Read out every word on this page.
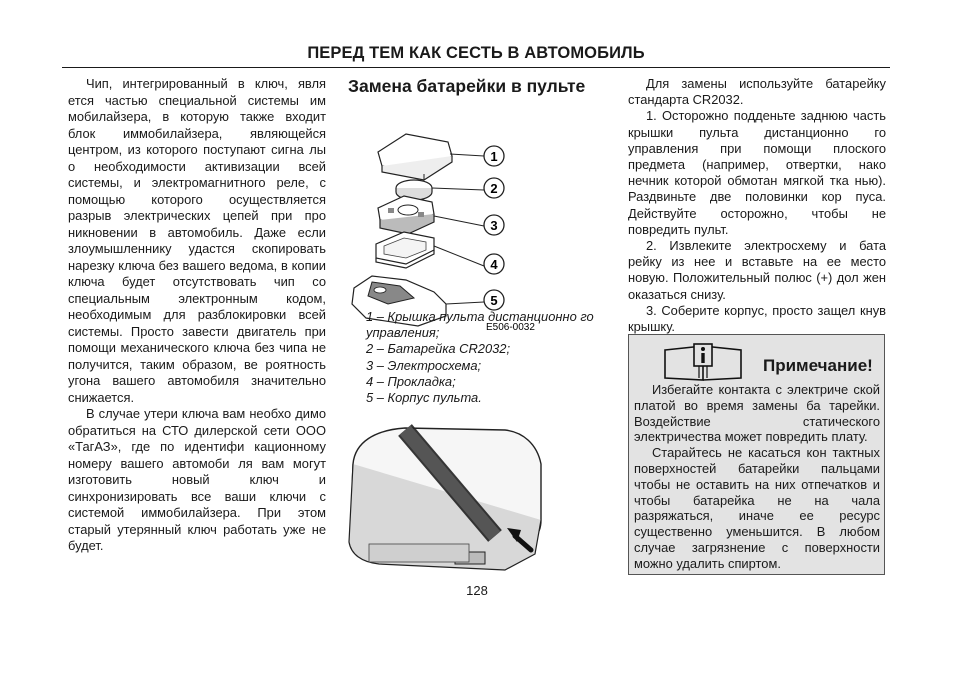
ПЕРЕД ТЕМ КАК СЕСТЬ В АВТОМОБИЛЬ

Чип, интегрированный в ключ, явля ется частью специальной системы им мобилайзера, в которую также входит блок иммобилайзера, являющейся центром, из которого поступают сигна лы о необходимости активизации всей системы, и электромагнитного реле, с помощью которого осуществляется разрыв электрических цепей при про никновении в автомобиль. Даже если злоумышленнику удастся скопировать нарезку ключа без вашего ведома, в копии ключа будет отсутствовать чип со специальным электронным кодом, необходимым для разблокировки всей системы. Просто завести двигатель при помощи механического ключа без чипа не получится, таким образом, ве роятность угона вашего автомобиля значительно снижается.

В случае утери ключа вам необхо димо обратиться на СТО дилерской сети ООО «ТагАЗ», где по идентифи кационному номеру вашего автомоби ля вам могут изготовить новый ключ и синхронизировать все ваши ключи с системой иммобилайзера. При этом старый утерянный ключ работать уже не будет.

Замена батарейки в пульте
1
2
3
4
5
E506-0032
1 – Крышка пульта дистанционно го управления;
2 – Батарейка CR2032;
3 – Электросхема;
4 – Прокладка;
5 – Корпус пульта.

Для замены используйте батарейку стандарта CR2032.

1. Осторожно подденьте заднюю часть крышки пульта дистанционно го управления при помощи плоского предмета (например, отвертки, нако нечник которой обмотан мягкой тка нью). Раздвиньте две половинки кор пуса. Действуйте осторожно, чтобы не повредить пульт.

2. Извлеките электросхему и бата рейку из нее и вставьте на ее место новую. Положительный полюс (+) дол жен оказаться снизу.

3. Соберите корпус, просто защел кнув крышку.

Примечание!

Избегайте контакта с электриче ской платой во время замены ба тарейки. Воздействие статического электричества может повредить плату.

Старайтесь не касаться кон тактных поверхностей батарейки пальцами чтобы не оставить на них отпечатков и чтобы батарейка не на чала разряжаться, иначе ее ресурс существенно уменьшится. В любом случае загрязнение с поверхности можно удалить спиртом.

128
